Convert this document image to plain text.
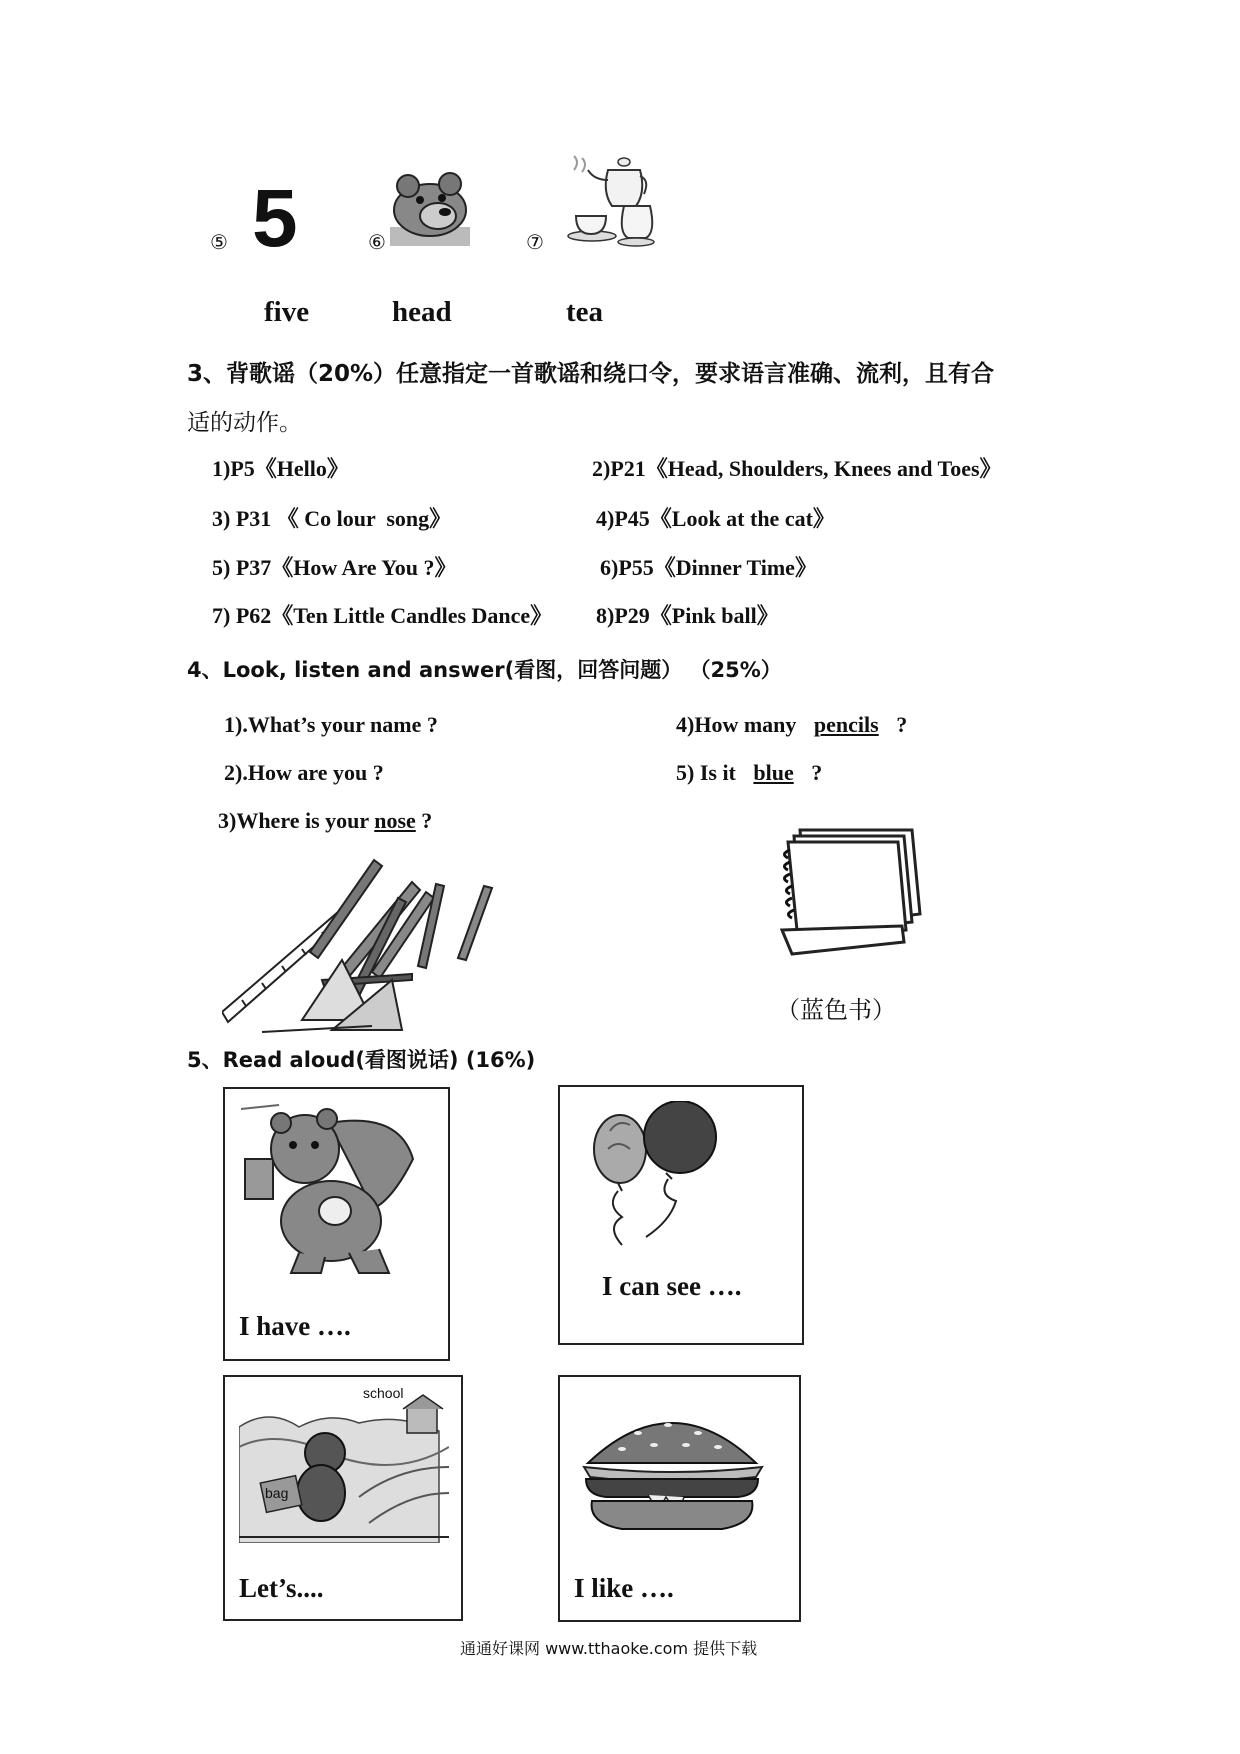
⑤ 5	⑥	⑦
five	head	tea
3、背歌谣（20%）任意指定一首歌谣和绕口令，要求语言准确、流利，且有合
适的动作。
1)P5《Hello》	2)P21《Head, Shoulders, Knees and Toes》
3) P31 《 Co lour  song》	4)P45《Look at the cat》
5) P37《How Are You ?》	6)P55《Dinner Time》
7) P62《Ten Little Candles Dance》 8)P29《Pink ball》
4、Look, listen and answer(看图，回答问题） （25%）
1).What’s your name ?
2).How are you ?
3)Where is your nose ?
4)How many pencils ?
5) Is it blue ?
（蓝色书）
5、Read aloud(看图说话) (16%)
I have ….
I can see ….
school
bag
Let’s....	I like ….
通通好课网 www.tthaoke.com 提供下载
